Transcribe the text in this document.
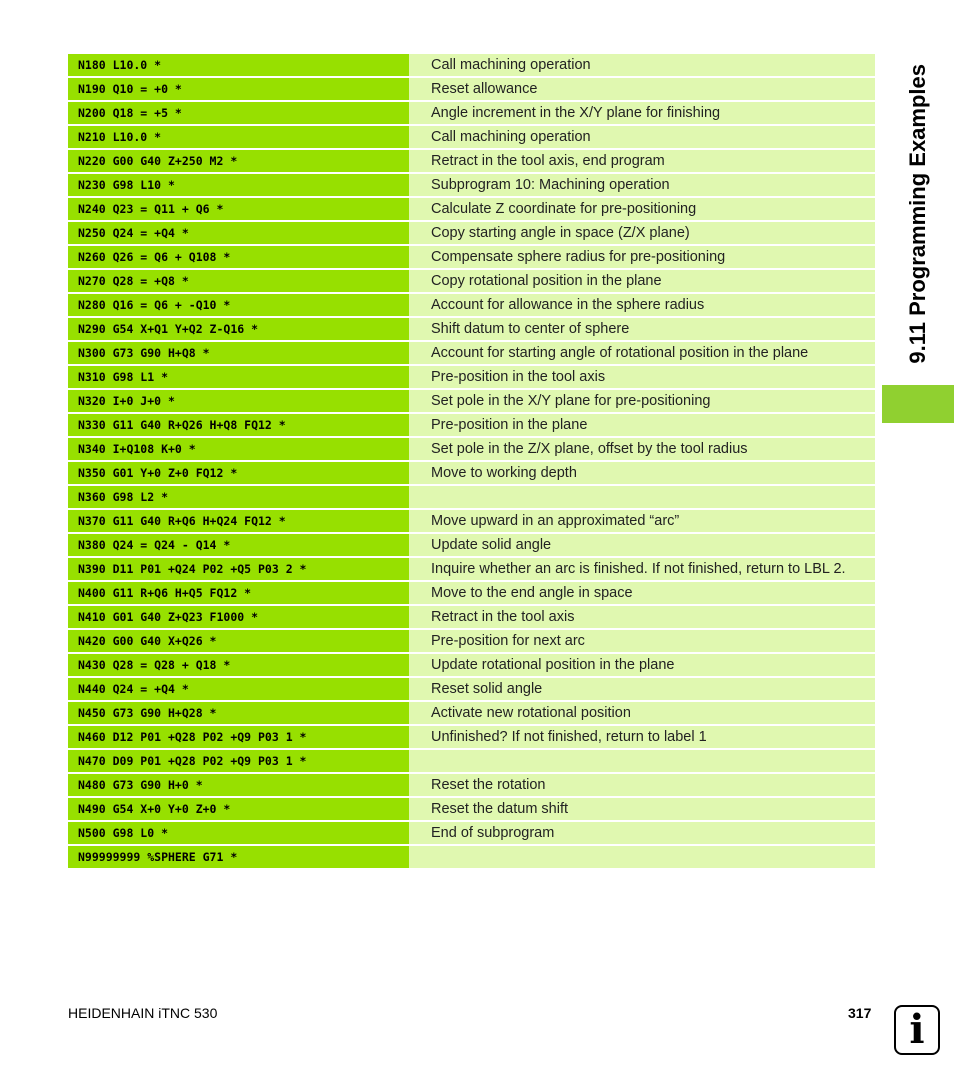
N180 L10.0 *	Call machining operation
N190 Q10 = +0 *	Reset allowance
N200 Q18 = +5 *	Angle increment in the X/Y plane for finishing
N210 L10.0 *	Call machining operation
N220 G00 G40 Z+250 M2 *	Retract in the tool axis, end program
N230 G98 L10 *	Subprogram 10: Machining operation
N240 Q23 = Q11 + Q6 *	Calculate Z coordinate for pre-positioning
N250 Q24 = +Q4 *	Copy starting angle in space (Z/X plane)
N260 Q26 = Q6 + Q108 *	Compensate sphere radius for pre-positioning
N270 Q28 = +Q8 *	Copy rotational position in the plane
N280 Q16 = Q6 + -Q10 *	Account for allowance in the sphere radius
N290 G54 X+Q1 Y+Q2 Z-Q16 *	Shift datum to center of sphere
N300 G73 G90 H+Q8 *	Account for starting angle of rotational position in the plane
N310 G98 L1 *	Pre-position in the tool axis
N320 I+0 J+0 *	Set pole in the X/Y plane for pre-positioning
N330 G11 G40 R+Q26 H+Q8 FQ12 *	Pre-position in the plane
N340 I+Q108 K+0 *	Set pole in the Z/X plane, offset by the tool radius
N350 G01 Y+0 Z+0 FQ12 *	Move to working depth
N360 G98 L2 *
N370 G11 G40 R+Q6 H+Q24 FQ12 *	Move upward in an approximated “arc”
N380 Q24 = Q24 - Q14 *	Update solid angle
N390 D11 P01 +Q24 P02 +Q5 P03 2 *	Inquire whether an arc is finished. If not finished, return to LBL 2.
N400 G11 R+Q6 H+Q5 FQ12 *	Move to the end angle in space
N410 G01 G40 Z+Q23 F1000 *	Retract in the tool axis
N420 G00 G40 X+Q26 *	Pre-position for next arc
N430 Q28 = Q28 + Q18 *	Update rotational position in the plane
N440 Q24 = +Q4 *	Reset solid angle
N450 G73 G90 H+Q28 *	Activate new rotational position
N460 D12 P01 +Q28 P02 +Q9 P03 1 *	Unfinished? If not finished, return to label 1
N470 D09 P01 +Q28 P02 +Q9 P03 1 *
N480 G73 G90 H+0 *	Reset the rotation
N490 G54 X+0 Y+0 Z+0 *	Reset the datum shift
N500 G98 L0 *	End of subprogram
N99999999 %SPHERE G71 *
9.11 Programming Examples
HEIDENHAIN iTNC 530	317 i
